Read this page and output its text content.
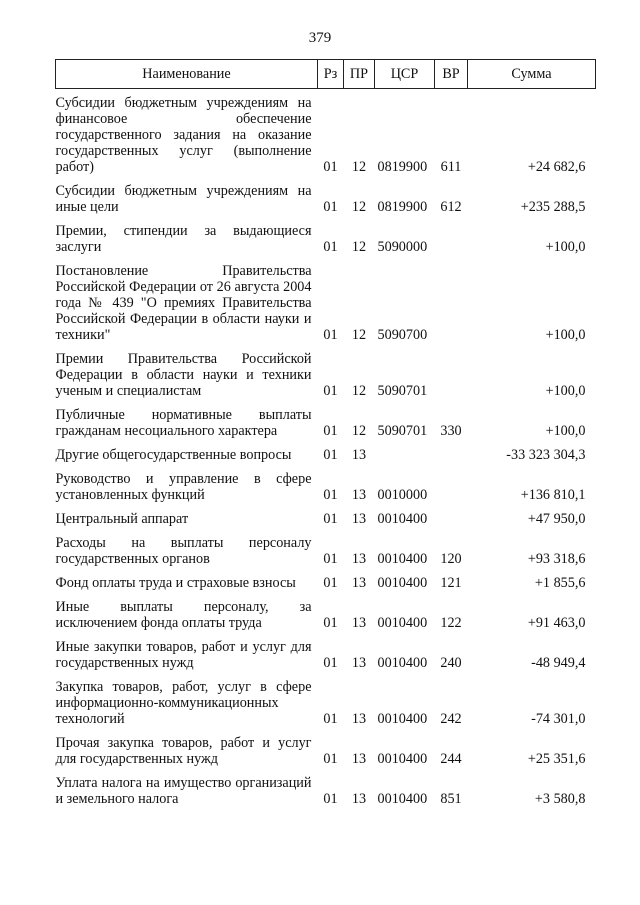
379
Наименование	Рз	ПР	ЦСР	ВР	Сумма
Субсидии бюджетным учреждениям на финансовое обеспечение государственного задания на оказание государственных услуг (выполнение работ)	01	12	0819900	611	+24 682,6
Субсидии бюджетным учреждениям на иные цели	01	12	0819900	612	+235 288,5
Премии, стипендии за выдающиеся заслуги	01	12	5090000		+100,0
Постановление Правительства Российской Федерации от 26 августа 2004 года № 439 "О премиях Правительства Российской Федерации в области науки и техники"	01	12	5090700		+100,0
Премии Правительства Российской Федерации в области науки и техники ученым и специалистам	01	12	5090701		+100,0
Публичные нормативные выплаты гражданам несоциального характера	01	12	5090701	330	+100,0
Другие общегосударственные вопросы	01	13			-33 323 304,3
Руководство и управление в сфере установленных функций	01	13	0010000		+136 810,1
Центральный аппарат	01	13	0010400		+47 950,0
Расходы на выплаты персоналу государственных органов	01	13	0010400	120	+93 318,6
Фонд оплаты труда и страховые взносы	01	13	0010400	121	+1 855,6
Иные выплаты персоналу, за исключением фонда оплаты труда	01	13	0010400	122	+91 463,0
Иные закупки товаров, работ и услуг для государственных нужд	01	13	0010400	240	-48 949,4
Закупка товаров, работ, услуг в сфере информационно-коммуникационных технологий	01	13	0010400	242	-74 301,0
Прочая закупка товаров, работ и услуг для государственных нужд	01	13	0010400	244	+25 351,6
Уплата налога на имущество организаций и земельного налога	01	13	0010400	851	+3 580,8
